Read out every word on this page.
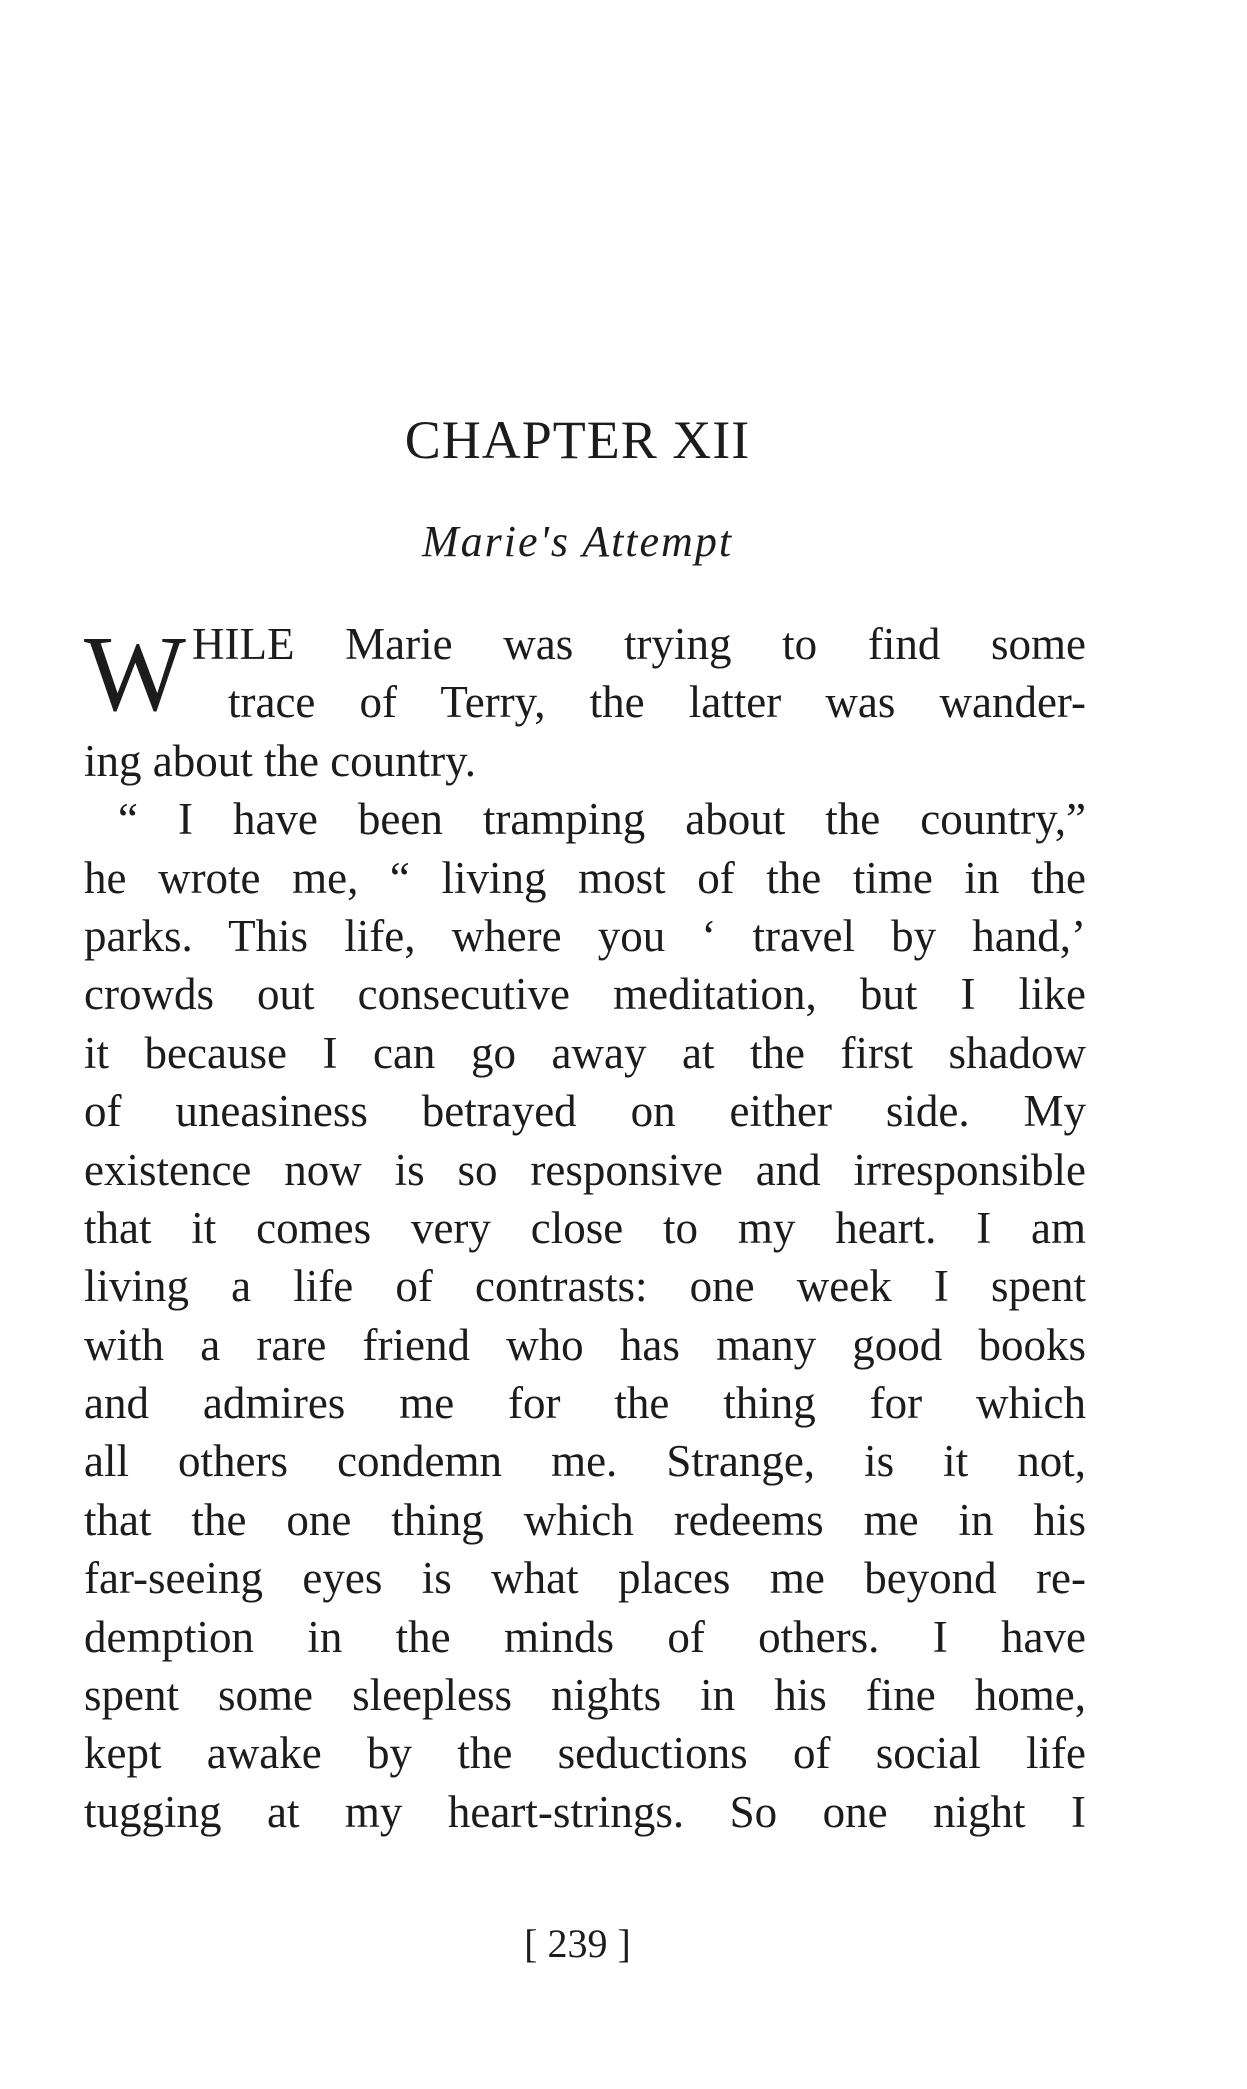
CHAPTER XII
Marie's Attempt
W HILE Marie was trying to find some
trace of Terry, the latter was wander-
ing about the country.
“ I have been tramping about the country,”
he wrote me, “ living most of the time in the
parks. This life, where you ‘ travel by hand,’
crowds out consecutive meditation, but I like
it because I can go away at the first shadow
of uneasiness betrayed on either side. My
existence now is so responsive and irresponsible
that it comes very close to my heart. I am
living a life of contrasts: one week I spent
with a rare friend who has many good books
and admires me for the thing for which
all others condemn me. Strange, is it not,
that the one thing which redeems me in his
far-seeing eyes is what places me beyond re-
demption in the minds of others. I have
spent some sleepless nights in his fine home,
kept awake by the seductions of social life
tugging at my heart-strings. So one night I
[ 239 ]
